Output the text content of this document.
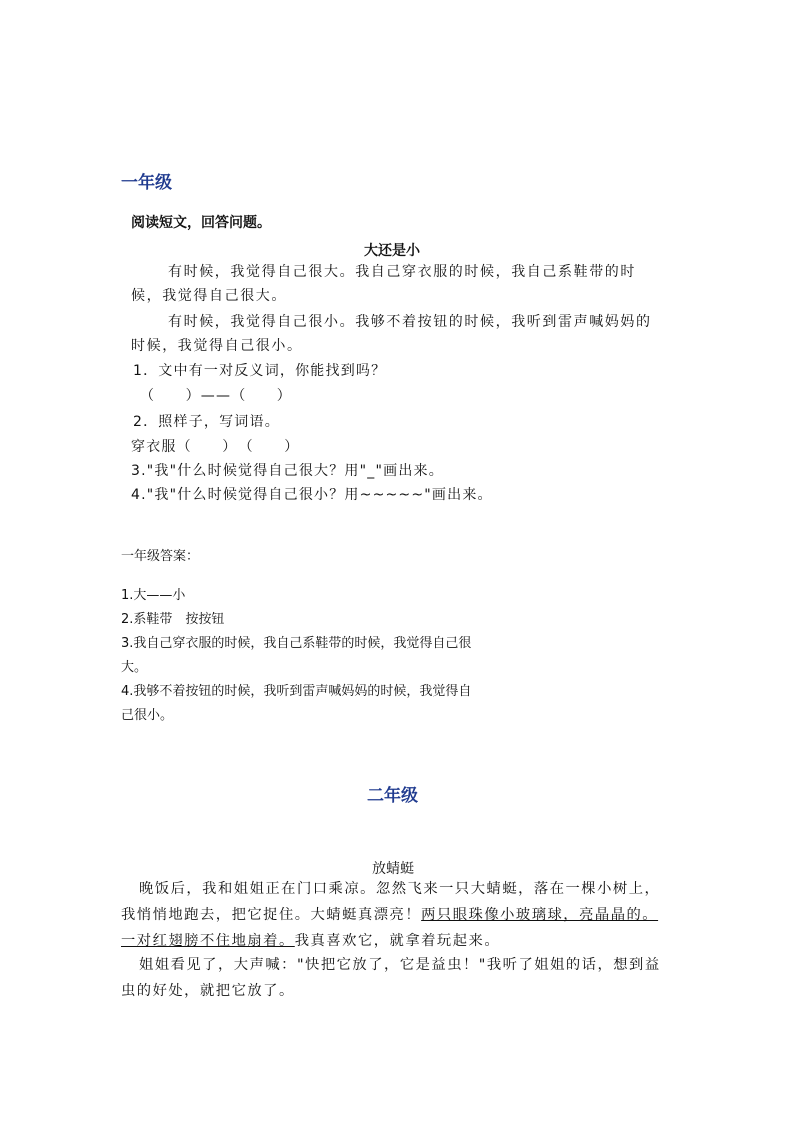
一年级
阅读短文，回答问题。
大还是小
有时候，我觉得自己很大。我自己穿衣服的时候，我自己系鞋带的时候，我觉得自己很大。
有时候，我觉得自己很小。我够不着按钮的时候，我听到雷声喊妈妈的时候，我觉得自己很小。
1．文中有一对反义词，你能找到吗？
（　　）——（　　）
2．照样子，写词语。
穿衣服（　　）　（　　）
3."我"什么时候觉得自己很大？用"_"画出来。
4."我"什么时候觉得自己很小？用~~~~~"画出来。
一年级答案：
1.大——小
2.系鞋带　按按钮
3.我自己穿衣服的时候，我自己系鞋带的时候，我觉得自己很
大。
4.我够不着按钮的时候，我听到雷声喊妈妈的时候，我觉得自
己很小。
二年级
放蜻蜓
晚饭后，我和姐姐正在门口乘凉。忽然飞来一只大蜻蜓，落在一棵小树上，我悄悄地跑去，把它捉住。大蜻蜓真漂亮！两只眼珠像小玻璃球，亮晶晶的。一对红翅膀不住地扇着。我真喜欢它，就拿着玩起来。
姐姐看见了，大声喊："快把它放了，它是益虫！"我听了姐姐的话，想到益虫的好处，就把它放了。
